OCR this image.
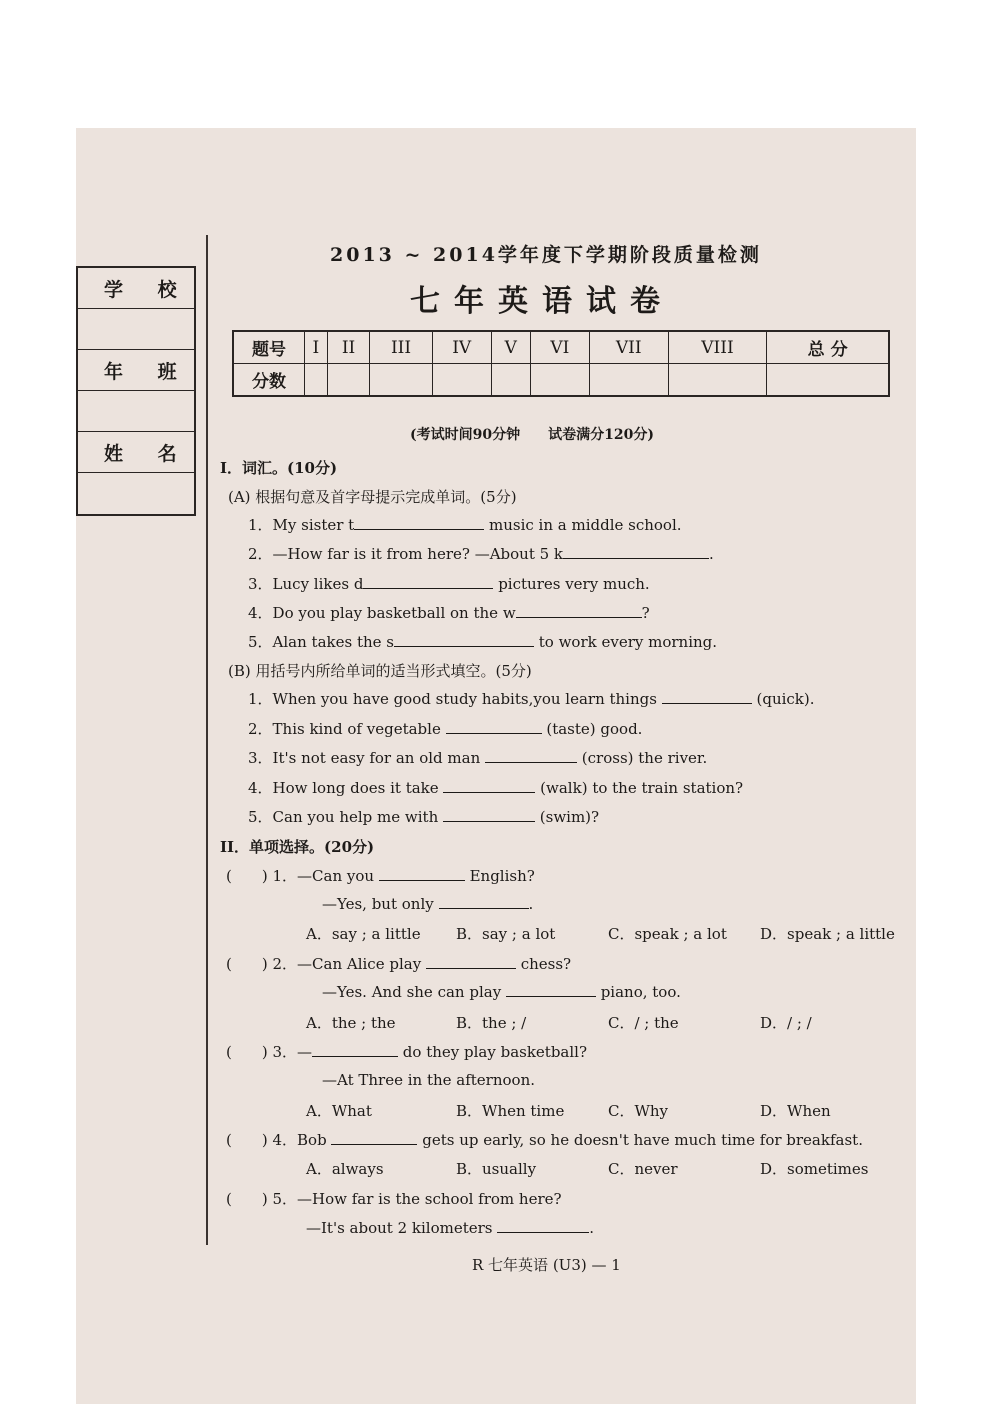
学 校
年 班
姓 名
2013 ~ 2014学年度下学期阶段质量检测
七年英语试卷
题号	I	II	III	IV	V	VI	VII	VIII	总 分
分数									
(考试时间90分钟　　试卷满分120分)
I．词汇。(10分)
(A) 根据句意及首字母提示完成单词。(5分)
1．My sister t	music in a middle school.
2．—How far is it from here? —About 5 k	.
3．Lucy likes d	pictures very much.
4．Do you play basketball on the w	?
5．Alan takes the s	to work every morning.
(B) 用括号内所给单词的适当形式填空。(5分)
1．When you have good study habits,you learn things	(quick).
2．This kind of vegetable	(taste) good.
3．It's not easy for an old man	(cross) the river.
4．How long does it take	(walk) to the train station?
5．Can you help me with	(swim)?
II．单项选择。(20分)
(　　) 1．—Can you	English?
—Yes, but only	.
A．say ; a little B．say ; a lot	C．speak ; a lot D．speak ; a little
(　　) 2．—Can Alice play	chess?
—Yes. And she can play	piano, too.
A．the ; the	B．the ; /	C．/ ; the	D．/ ; /
(　　) 3．—	do they play basketball?
—At Three in the afternoon.
A．What	B．When time	C．Why	D．When
(　　) 4．Bob	gets up early, so he doesn't have much time for breakfast.
A．always	B．usually	C．never	D．sometimes
(　　) 5．—How far is the school from here?
—It's about 2 kilometers	.
R 七年英语 (U3) — 1
